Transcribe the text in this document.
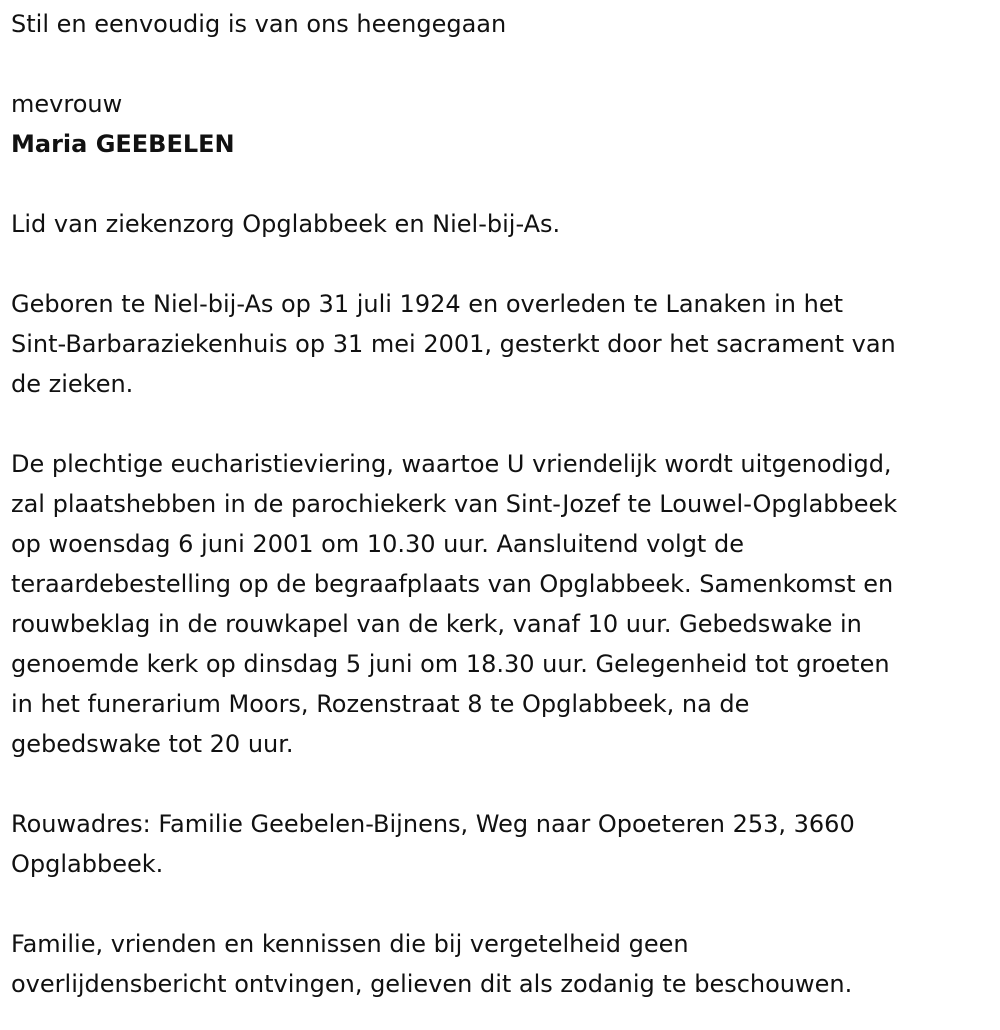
Stil en eenvoudig is van ons heengegaan

mevrouw

Maria GEEBELEN

Lid van ziekenzorg Opglabbeek en Niel-bij-As.

Geboren te Niel-bij-As op 31 juli 1924 en overleden te Lanaken in het
Sint-Barbaraziekenhuis op 31 mei 2001, gesterkt door het sacrament van
de zieken.
De plechtige eucharistieviering, waartoe U vriendelijk wordt uitgenodigd,
zal plaatshebben in de parochiekerk van Sint-Jozef te Louwel-Opglabbeek
op woensdag 6 juni 2001 om 10.30 uur. Aansluitend volgt de
teraardebestelling op de begraafplaats van Opglabbeek. Samenkomst en
rouwbeklag in de rouwkapel van de kerk, vanaf 10 uur. Gebedswake in
genoemde kerk op dinsdag 5 juni om 18.30 uur. Gelegenheid tot groeten
in het funerarium Moors, Rozenstraat 8 te Opglabbeek, na de
gebedswake tot 20 uur.
Rouwadres: Familie Geebelen-Bijnens, Weg naar Opoeteren 253, 3660
Opglabbeek.
Familie, vrienden en kennissen die bij vergetelheid geen
overlijdensbericht ontvingen, gelieven dit als zodanig te beschouwen.
